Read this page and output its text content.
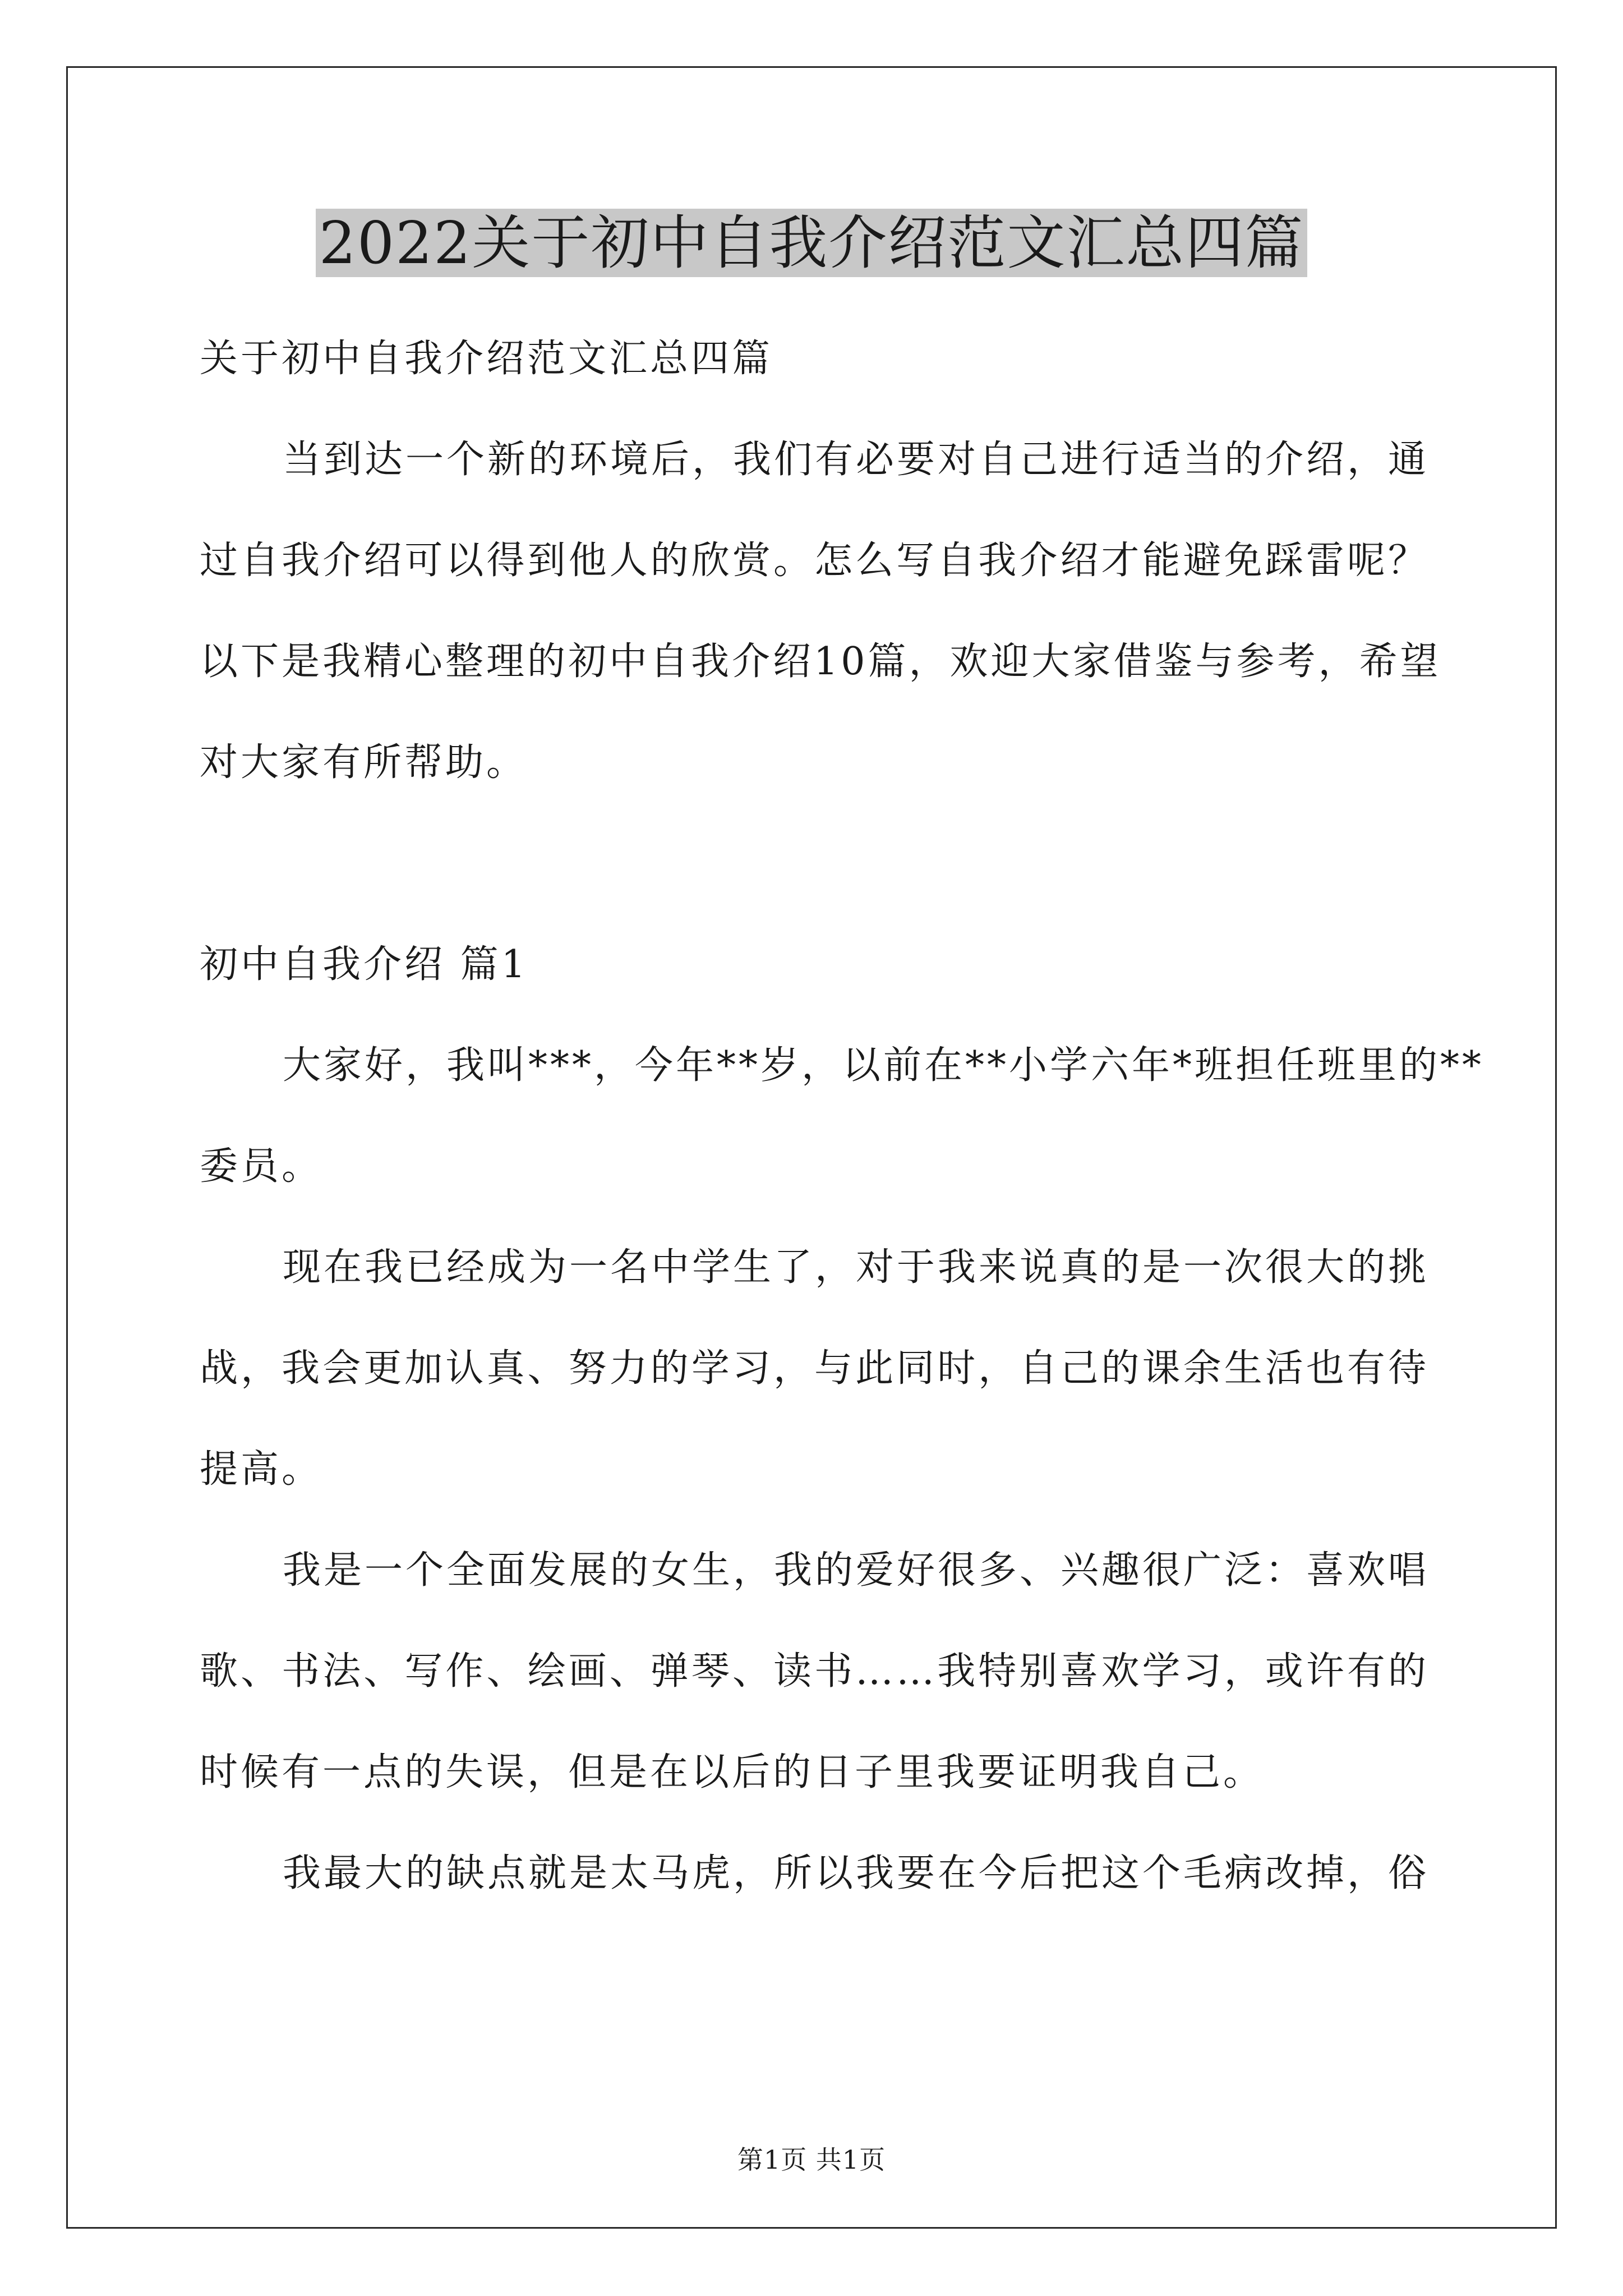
2022关于初中自我介绍范文汇总四篇
关于初中自我介绍范文汇总四篇
当到达一个新的环境后，我们有必要对自己进行适当的介绍，通
过自我介绍可以得到他人的欣赏。怎么写自我介绍才能避免踩雷呢？
以下是我精心整理的初中自我介绍10篇，欢迎大家借鉴与参考，希望
对大家有所帮助。
初中自我介绍 篇1
大家好，我叫***，今年**岁，以前在**小学六年*班担任班里的**
委员。
现在我已经成为一名中学生了，对于我来说真的是一次很大的挑
战，我会更加认真、努力的学习，与此同时，自己的课余生活也有待
提高。
我是一个全面发展的女生，我的爱好很多、兴趣很广泛：喜欢唱
歌、书法、写作、绘画、弹琴、读书……我特别喜欢学习，或许有的
时候有一点的失误，但是在以后的日子里我要证明我自己。
我最大的缺点就是太马虎，所以我要在今后把这个毛病改掉，俗
第1页 共1页
